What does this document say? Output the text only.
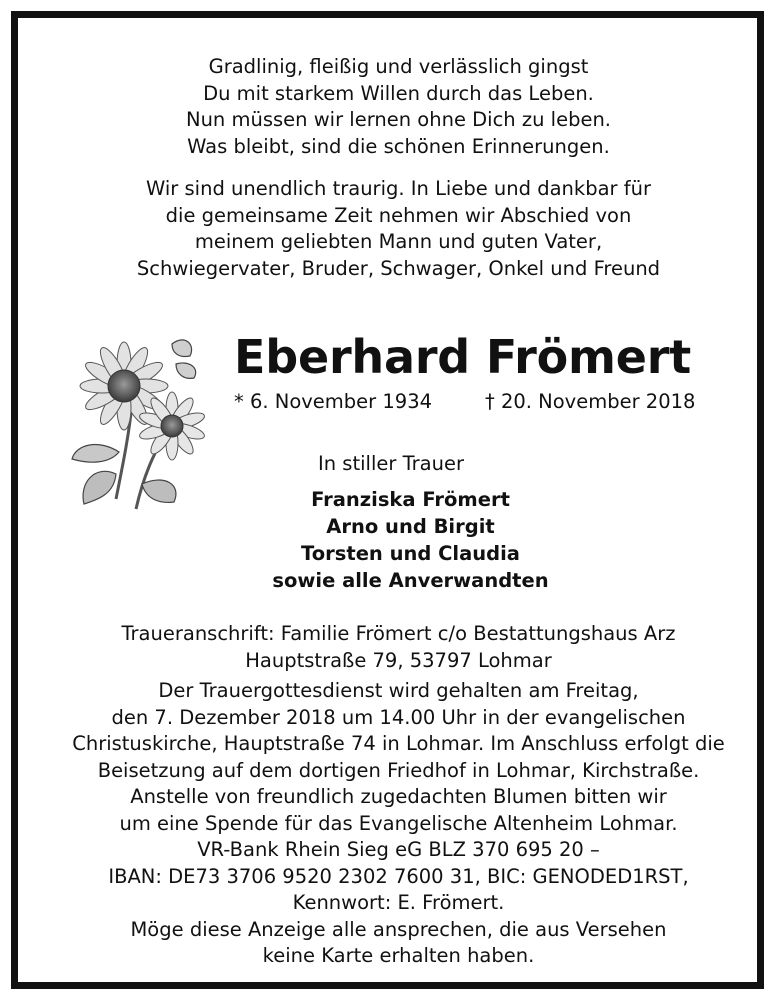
Gradlinig, fleißig und verlässlich gingst
Du mit starkem Willen durch das Leben.
Nun müssen wir lernen ohne Dich zu leben.
Was bleibt, sind die schönen Erinnerungen.
Wir sind unendlich traurig. In Liebe und dankbar für
die gemeinsame Zeit nehmen wir Abschied von
meinem geliebten Mann und guten Vater,
Schwiegervater, Bruder, Schwager, Onkel und Freund
Eberhard Frömert
* 6. November 1934	† 20. November 2018
In stiller Trauer
Franziska Frömert
Arno und Birgit
Torsten und Claudia
sowie alle Anverwandten
Traueranschrift: Familie Frömert c/o Bestattungshaus Arz
Hauptstraße 79, 53797 Lohmar
Der Trauergottesdienst wird gehalten am Freitag,
den 7. Dezember 2018 um 14.00 Uhr in der evangelischen
Christuskirche, Hauptstraße 74 in Lohmar. Im Anschluss erfolgt die
Beisetzung auf dem dortigen Friedhof in Lohmar, Kirchstraße.
Anstelle von freundlich zugedachten Blumen bitten wir
um eine Spende für das Evangelische Altenheim Lohmar.
VR-Bank Rhein Sieg eG BLZ 370 695 20 –
IBAN: DE73 3706 9520 2302 7600 31, BIC: GENODED1RST,
Kennwort: E. Frömert.
Möge diese Anzeige alle ansprechen, die aus Versehen
keine Karte erhalten haben.
